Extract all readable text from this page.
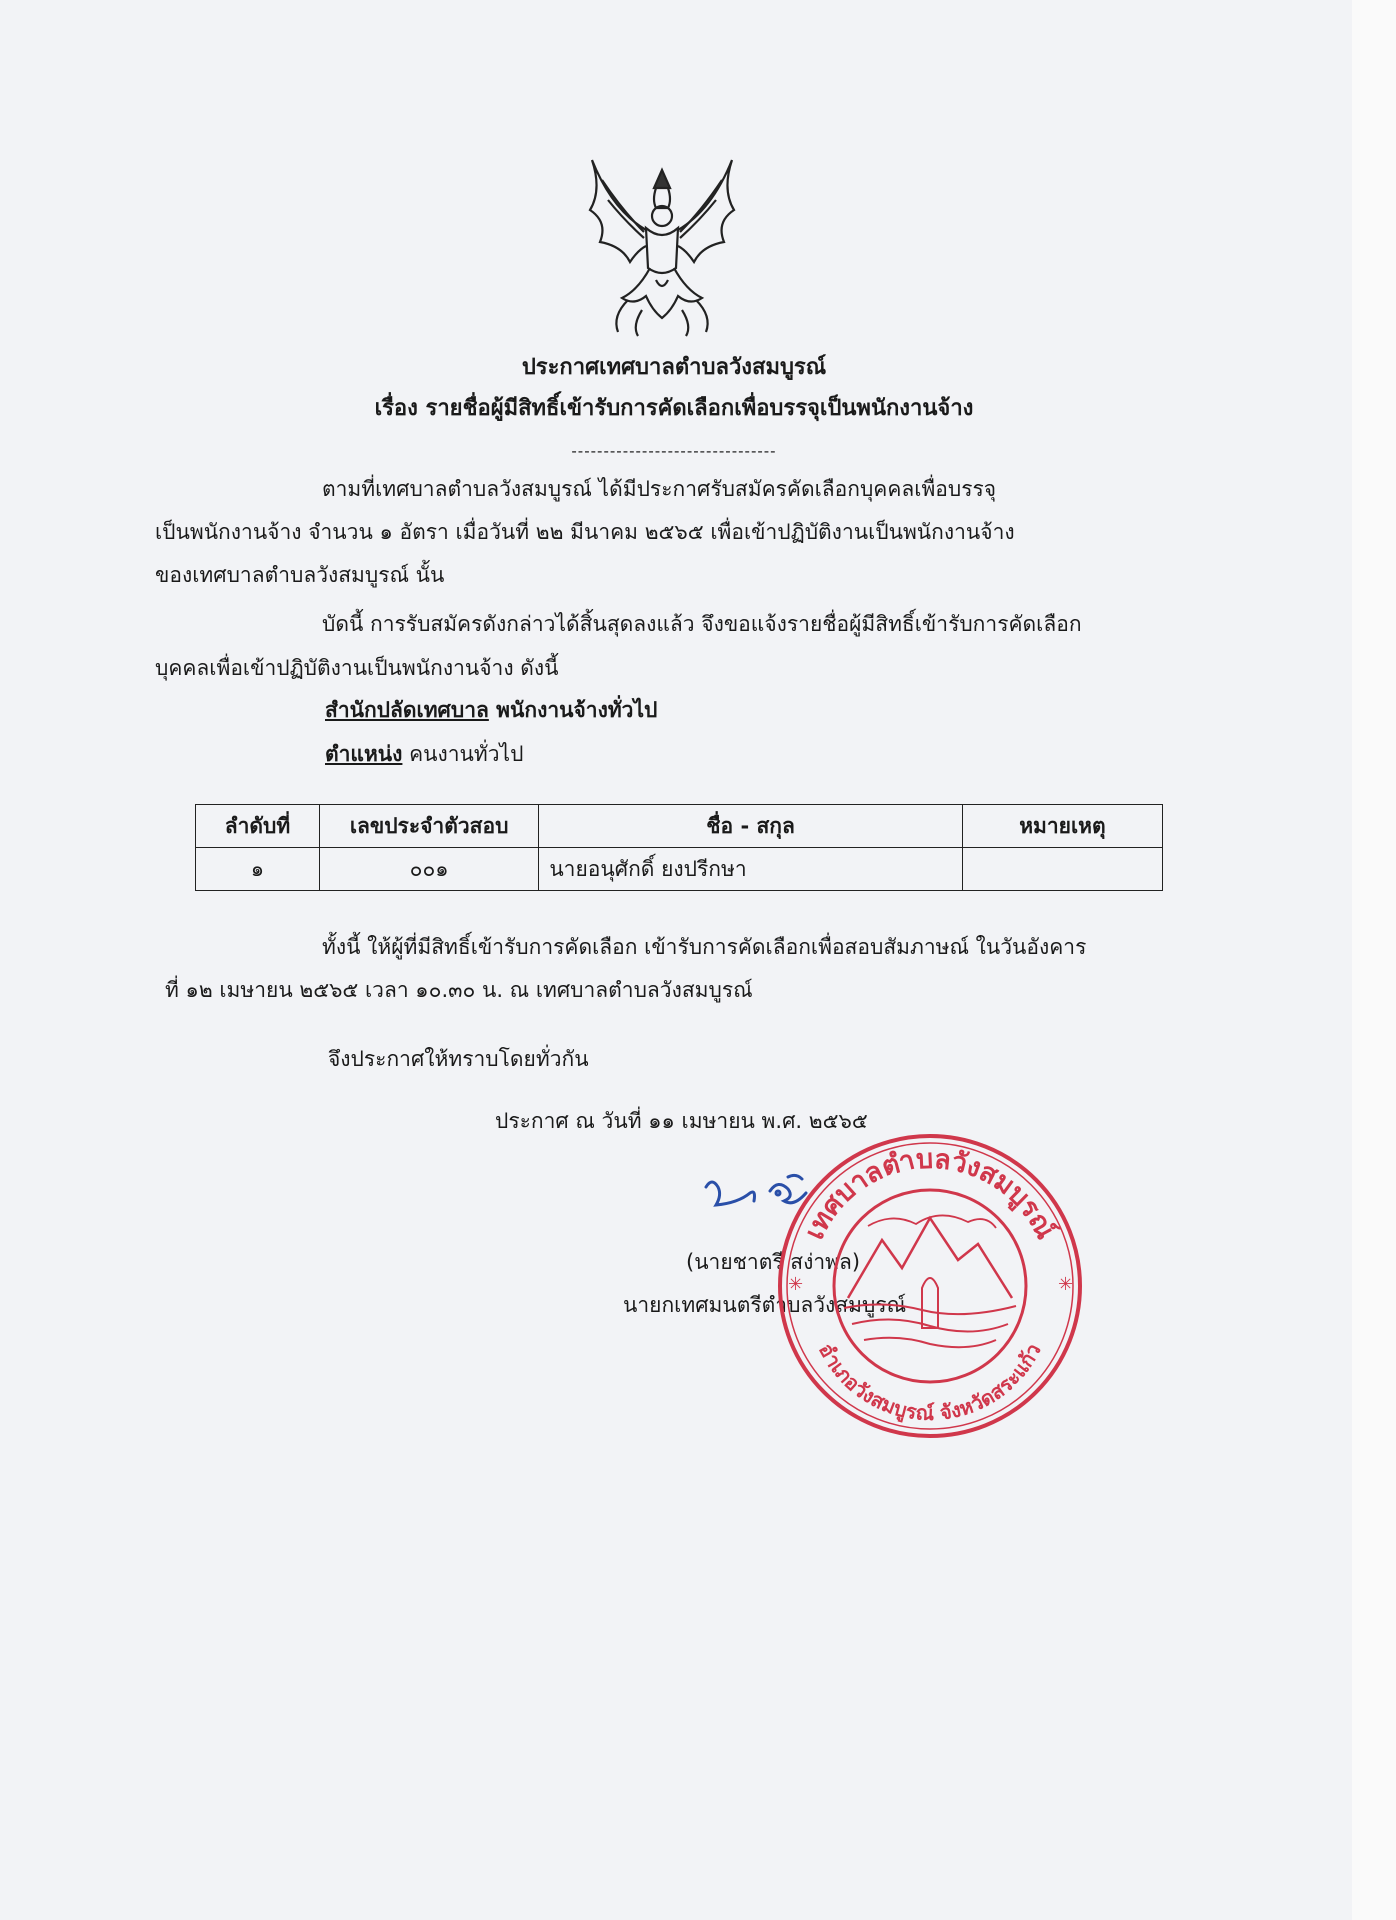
ประกาศเทศบาลตำบลวังสมบูรณ์
เรื่อง รายชื่อผู้มีสิทธิ์เข้ารับการคัดเลือกเพื่อบรรจุเป็นพนักงานจ้าง
--------------------------------
ตามที่เทศบาลตำบลวังสมบูรณ์ ได้มีประกาศรับสมัครคัดเลือกบุคคลเพื่อบรรจุ
เป็นพนักงานจ้าง จำนวน ๑ อัตรา เมื่อวันที่ ๒๒ มีนาคม ๒๕๖๕ เพื่อเข้าปฏิบัติงานเป็นพนักงานจ้าง
ของเทศบาลตำบลวังสมบูรณ์ นั้น
บัดนี้ การรับสมัครดังกล่าวได้สิ้นสุดลงแล้ว จึงขอแจ้งรายชื่อผู้มีสิทธิ์เข้ารับการคัดเลือก
บุคคลเพื่อเข้าปฏิบัติงานเป็นพนักงานจ้าง ดังนี้
สำนักปลัดเทศบาล พนักงานจ้างทั่วไป
ตำแหน่ง คนงานทั่วไป
ลำดับที่	เลขประจำตัวสอบ	ชื่อ - สกุล	หมายเหตุ
๑	๐๐๑	นายอนุศักดิ์ ยงปรีกษา	
ทั้งนี้ ให้ผู้ที่มีสิทธิ์เข้ารับการคัดเลือก เข้ารับการคัดเลือกเพื่อสอบสัมภาษณ์ ในวันอังคาร
ที่ ๑๒ เมษายน ๒๕๖๕ เวลา ๑๐.๓๐ น. ณ เทศบาลตำบลวังสมบูรณ์
จึงประกาศให้ทราบโดยทั่วกัน
ประกาศ ณ วันที่ ๑๑ เมษายน พ.ศ. ๒๕๖๕
(นายชาตรี สง่าพล)
นายกเทศมนตรีตำบลวังสมบูรณ์
เทศบาลตำบลวังสมบูรณ์
อำเภอวังสมบูรณ์ จังหวัดสระแก้ว
✳	✳
